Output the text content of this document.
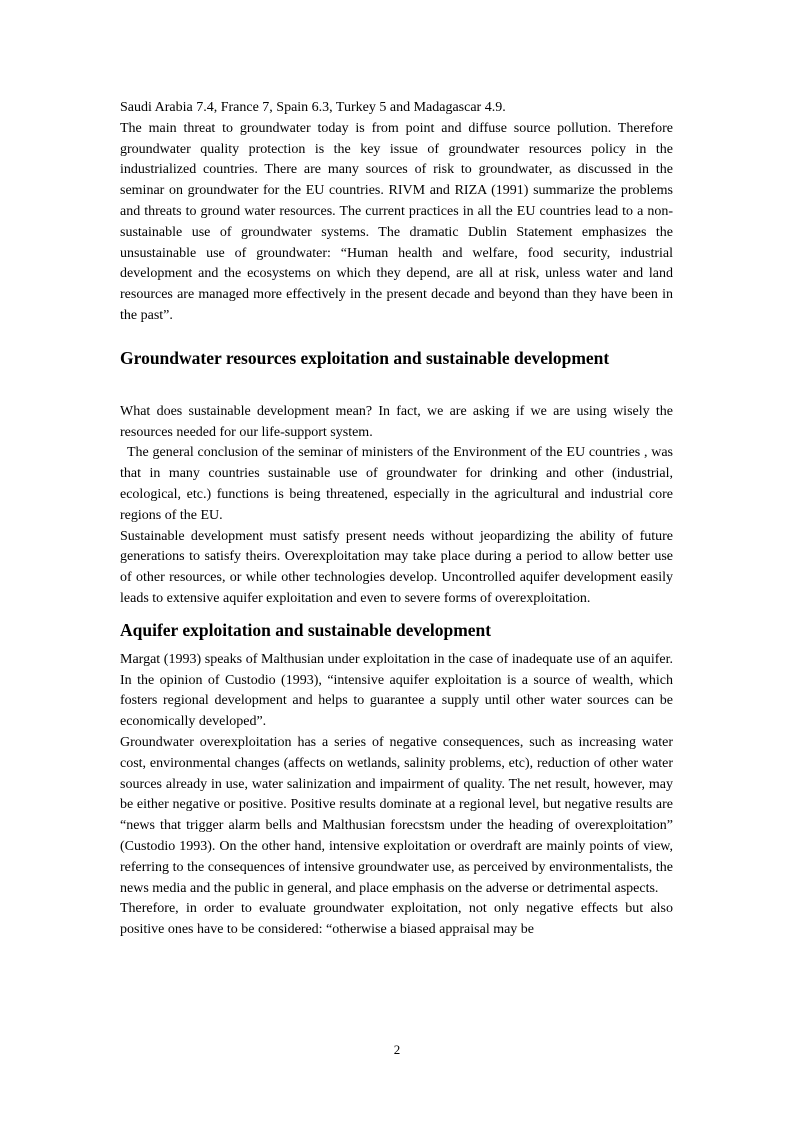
Saudi Arabia 7.4, France 7, Spain 6.3, Turkey 5 and Madagascar 4.9.

The main threat to groundwater today is from point and diffuse source pollution. Therefore groundwater quality protection is the key issue of groundwater resources policy in the industrialized countries. There are many sources of risk to groundwater, as discussed in the seminar on groundwater for the EU countries. RIVM and RIZA (1991) summarize the problems and threats to ground water resources. The current practices in all the EU countries lead to a non-sustainable use of groundwater systems. The dramatic Dublin Statement emphasizes the unsustainable use of groundwater: “Human health and welfare, food security, industrial development and the ecosystems on which they depend, are all at risk, unless water and land resources are managed more effectively in the present decade and beyond than they have been in the past”.

Groundwater resources exploitation and sustainable development

What does sustainable development mean? In fact, we are asking if we are using wisely the resources needed for our life-support system.

The general conclusion of the seminar of ministers of the Environment of the EU countries , was that in many countries sustainable use of groundwater for drinking and other (industrial, ecological, etc.) functions is being threatened, especially in the agricultural and industrial core regions of the EU.

Sustainable development must satisfy present needs without jeopardizing the ability of future generations to satisfy theirs. Overexploitation may take place during a period to allow better use of other resources, or while other technologies develop. Uncontrolled aquifer development easily leads to extensive aquifer exploitation and even to severe forms of overexploitation.

Aquifer exploitation and sustainable development

Margat (1993) speaks of Malthusian under exploitation in the case of inadequate use of an aquifer. In the opinion of Custodio (1993), “intensive aquifer exploitation is a source of wealth, which fosters regional development and helps to guarantee a supply until other water sources can be economically developed”.

Groundwater overexploitation has a series of negative consequences, such as increasing water cost, environmental changes (affects on wetlands, salinity problems, etc), reduction of other water sources already in use, water salinization and impairment of quality. The net result, however, may be either negative or positive. Positive results dominate at a regional level, but negative results are “news that trigger alarm bells and Malthusian forecstsm under the heading of overexploitation” (Custodio 1993). On the other hand, intensive exploitation or overdraft are mainly points of view, referring to the consequences of intensive groundwater use, as perceived by environmentalists, the news media and the public in general, and place emphasis on the adverse or detrimental aspects.

Therefore, in order to evaluate groundwater exploitation, not only negative effects but also positive ones have to be considered: “otherwise a biased appraisal may be

2
